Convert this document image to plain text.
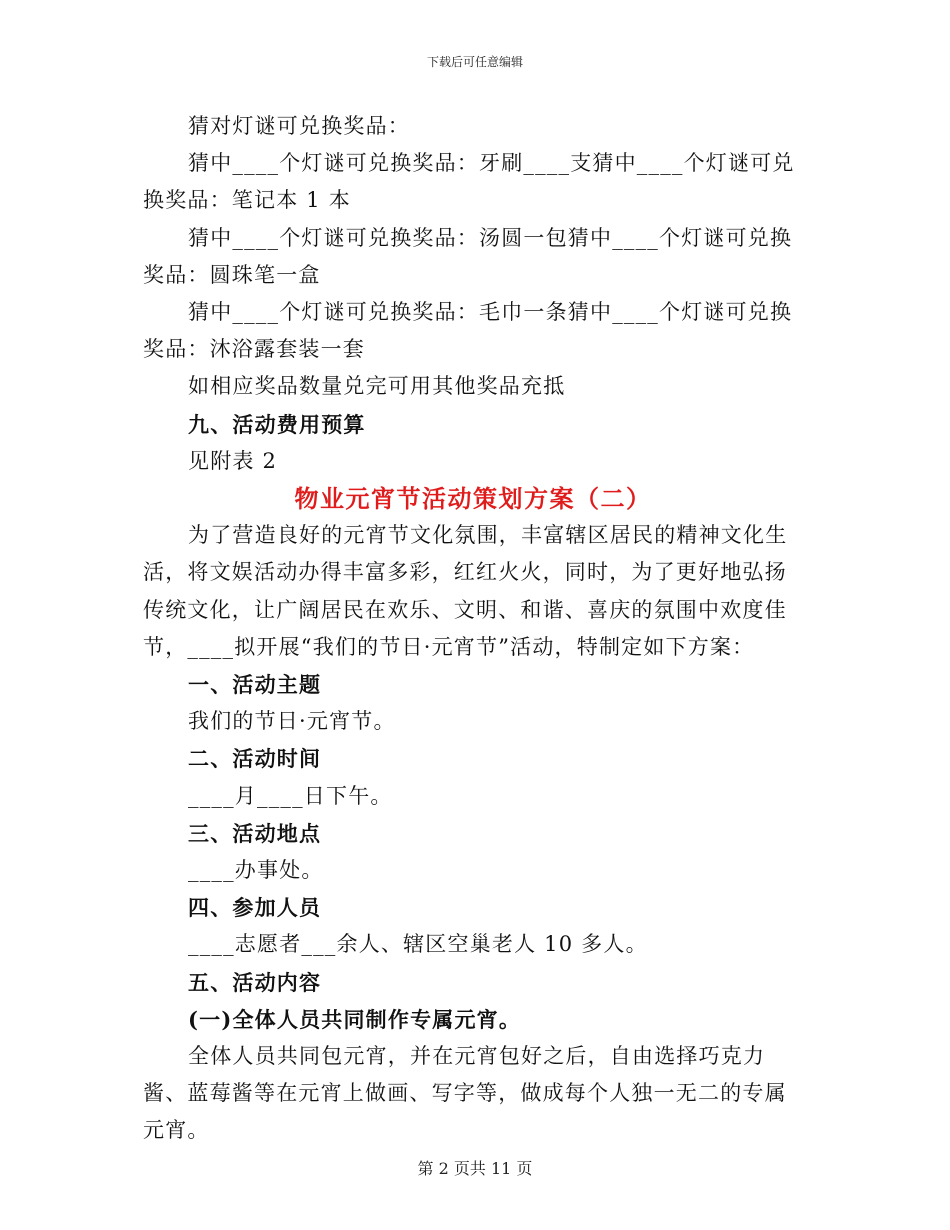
下载后可任意编辑

猜对灯谜可兑换奖品：

猜中____个灯谜可兑换奖品：牙刷____支猜中____个灯谜可兑换奖品：笔记本 1 本

猜中____个灯谜可兑换奖品：汤圆一包猜中____个灯谜可兑换奖品：圆珠笔一盒

猜中____个灯谜可兑换奖品：毛巾一条猜中____个灯谜可兑换奖品：沐浴露套装一套

如相应奖品数量兑完可用其他奖品充抵

九、活动费用预算

见附表 2

物业元宵节活动策划方案（二）

为了营造良好的元宵节文化氛围，丰富辖区居民的精神文化生活，将文娱活动办得丰富多彩，红红火火，同时，为了更好地弘扬传统文化，让广阔居民在欢乐、文明、和谐、喜庆的氛围中欢度佳节，____拟开展“我们的节日·元宵节”活动，特制定如下方案：

一、活动主题

我们的节日·元宵节。

二、活动时间

____月____日下午。

三、活动地点

____办事处。

四、参加人员

____志愿者___余人、辖区空巢老人 10 多人。

五、活动内容

(一)全体人员共同制作专属元宵。

全体人员共同包元宵，并在元宵包好之后，自由选择巧克力酱、蓝莓酱等在元宵上做画、写字等，做成每个人独一无二的专属元宵。

第 2 页共 11 页
